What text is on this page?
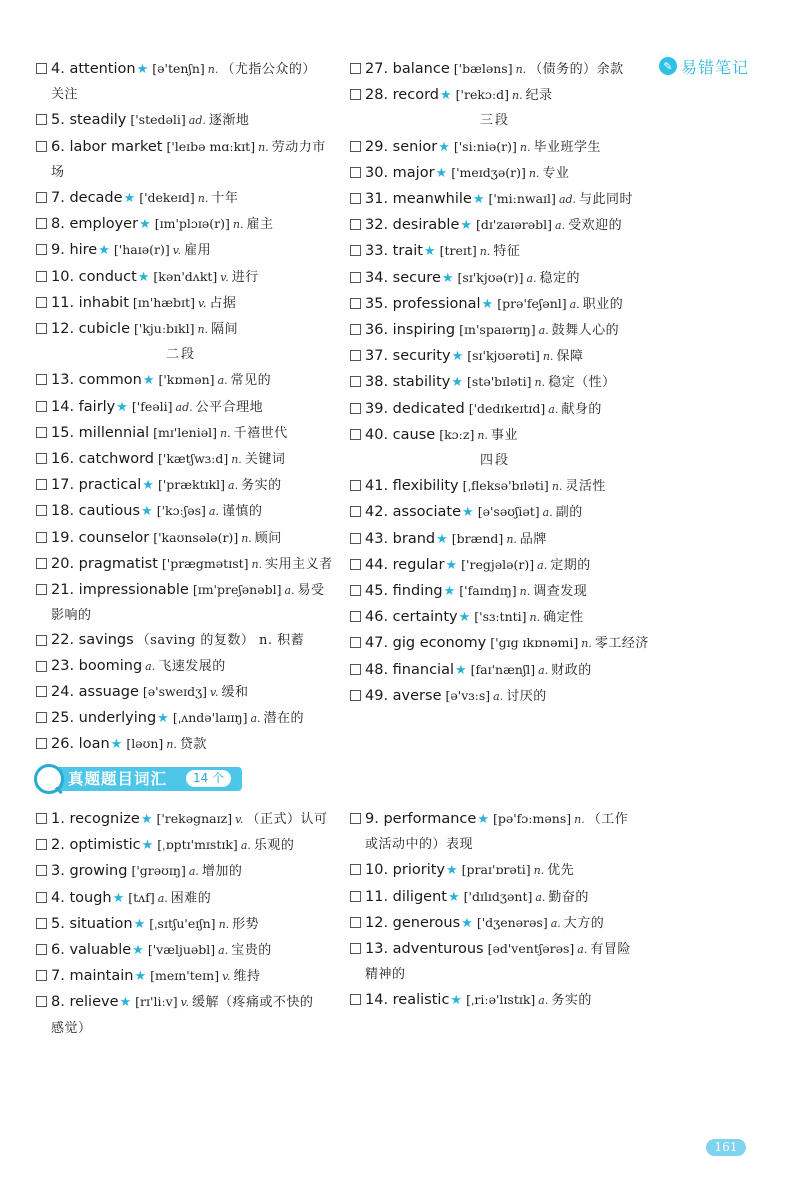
✎ 易错笔记
4. attention★ [ə'tenʃn] n. （尤指公众的）关注
5. steadily ['stedəli] ad. 逐渐地
6. labor market ['leɪbə mɑːkɪt] n. 劳动力市场
7. decade★ ['dekeɪd] n. 十年
8. employer★ [ɪm'plɔɪə(r)] n. 雇主
9. hire★ ['haɪə(r)] v. 雇用
10. conduct★ [kən'dʌkt] v. 进行
11. inhabit [ɪn'hæbɪt] v. 占据
12. cubicle ['kjuːbɪkl] n. 隔间
二段
13. common★ ['kɒmən] a. 常见的
14. fairly★ ['feəli] ad. 公平合理地
15. millennial [mɪ'leniəl] n. 千禧世代
16. catchword ['kætʃwɜːd] n. 关键词
17. practical★ ['præktɪkl] a. 务实的
18. cautious★ ['kɔːʃəs] a. 谨慎的
19. counselor ['kaʊnsələ(r)] n. 顾问
20. pragmatist ['prægmətɪst] n. 实用主义者
21. impressionable [ɪm'preʃənəbl] a. 易受影响的
22. savings （saving 的复数） n. 积蓄
23. booming a. 飞速发展的
24. assuage [ə'sweɪdʒ] v. 缓和
25. underlying★ [ˌʌndə'laɪɪŋ] a. 潜在的
26. loan★ [ləʊn] n. 贷款
27. balance ['bæləns] n. （债务的）余款
28. record★ ['rekɔːd] n. 纪录
三段
29. senior★ ['siːniə(r)] n. 毕业班学生
30. major★ ['meɪdʒə(r)] n. 专业
31. meanwhile★ ['miːnwaɪl] ad. 与此同时
32. desirable★ [dɪ'zaɪərəbl] a. 受欢迎的
33. trait★ [treɪt] n. 特征
34. secure★ [sɪ'kjʊə(r)] a. 稳定的
35. professional★ [prə'feʃənl] a. 职业的
36. inspiring [ɪn'spaɪərɪŋ] a. 鼓舞人心的
37. security★ [sɪ'kjʊərəti] n. 保障
38. stability★ [stə'bɪləti] n. 稳定（性）
39. dedicated ['dedɪkeɪtɪd] a. 献身的
40. cause [kɔːz] n. 事业
四段
41. flexibility [ˌfleksə'bɪləti] n. 灵活性
42. associate★ [ə'səʊʃiət] a. 副的
43. brand★ [brænd] n. 品牌
44. regular★ ['regjələ(r)] a. 定期的
45. finding★ ['faɪndɪŋ] n. 调查发现
46. certainty★ ['sɜːtnti] n. 确定性
47. gig economy ['gɪg ɪkɒnəmi] n. 零工经济
48. financial★ [faɪ'nænʃl] a. 财政的
49. averse [ə'vɜːs] a. 讨厌的
真题题目词汇	14 个
1. recognize★ ['rekəgnaɪz] v. （正式）认可
2. optimistic★ [ˌɒptɪ'mɪstɪk] a. 乐观的
3. growing ['grəʊɪŋ] a. 增加的
4. tough★ [tʌf] a. 困难的
5. situation★ [ˌsɪtʃu'eɪʃn] n. 形势
6. valuable★ ['væljuəbl] a. 宝贵的
7. maintain★ [meɪn'teɪn] v. 维持
8. relieve★ [rɪ'liːv] v. 缓解（疼痛或不快的感觉）
9. performance★ [pə'fɔːməns] n. （工作或活动中的）表现
10. priority★ [praɪ'ɒrəti] n. 优先
11. diligent★ ['dɪlɪdʒənt] a. 勤奋的
12. generous★ ['dʒenərəs] a. 大方的
13. adventurous [əd'ventʃərəs] a. 有冒险精神的
14. realistic★ [ˌriːə'lɪstɪk] a. 务实的
161
